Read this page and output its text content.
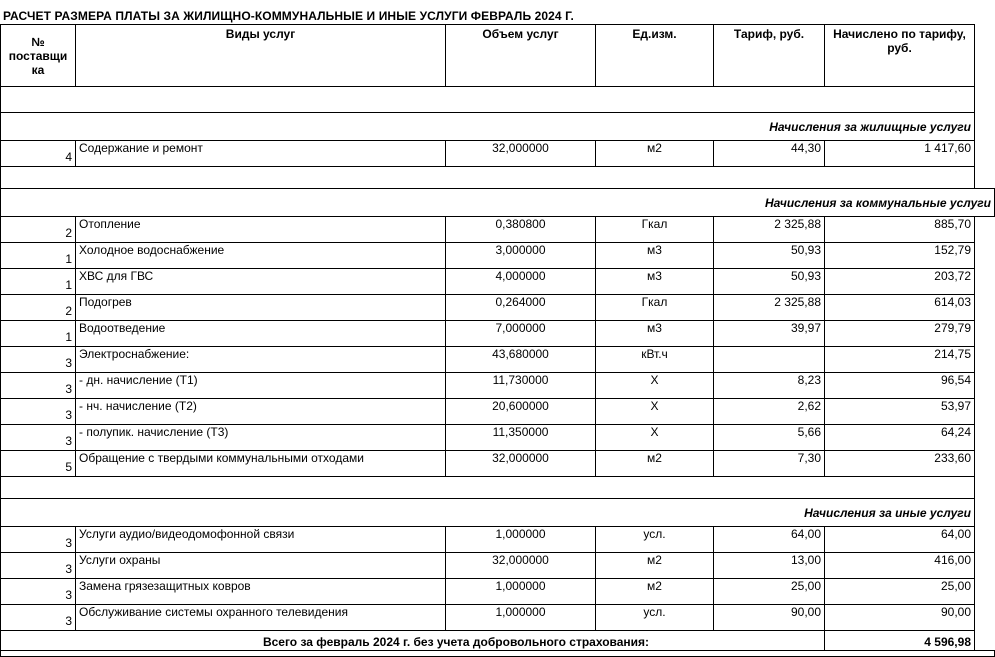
РАСЧЕТ РАЗМЕРА ПЛАТЫ ЗА ЖИЛИЩНО-КОММУНАЛЬНЫЕ И ИНЫЕ УСЛУГИ ФЕВРАЛЬ 2024 Г.
№ поставщи ка	Виды услуг	Объем услуг	Ед.изм.	Тариф, руб.	Начислено по тарифу, руб.	

Начисления за жилищные услуги						
4	Содержание и ремонт	32,000000	м2	44,30	1 417,60	

Начисления за коммунальные услуги						
2	Отопление	0,380800	Гкал	2 325,88	885,70	
1	Холодное водоснабжение	3,000000	м3	50,93	152,79	
1	ХВС для ГВС	4,000000	м3	50,93	203,72	
2	Подогрев	0,264000	Гкал	2 325,88	614,03	
1	Водоотведение	7,000000	м3	39,97	279,79	
3	Электроснабжение:	43,680000	кВт.ч		214,75	
3	- дн. начисление (Т1)	11,730000	Х	8,23	96,54	
3	- нч. начисление (Т2)	20,600000	Х	2,62	53,97	
3	- полупик. начисление (Т3)	11,350000	Х	5,66	64,24	
5	Обращение с твердыми коммунальными отходами	32,000000	м2	7,30	233,60	

Начисления за иные услуги						
3	Услуги аудио/видеодомофонной связи	1,000000	усл.	64,00	64,00	
3	Услуги охраны	32,000000	м2	13,00	416,00	
3	Замена грязезащитных ковров	1,000000	м2	25,00	25,00	
3	Обслуживание системы охранного телевидения	1,000000	усл.	90,00	90,00	
Всего за февраль 2024 г. без учета добровольного страхования:					4 596,98	
